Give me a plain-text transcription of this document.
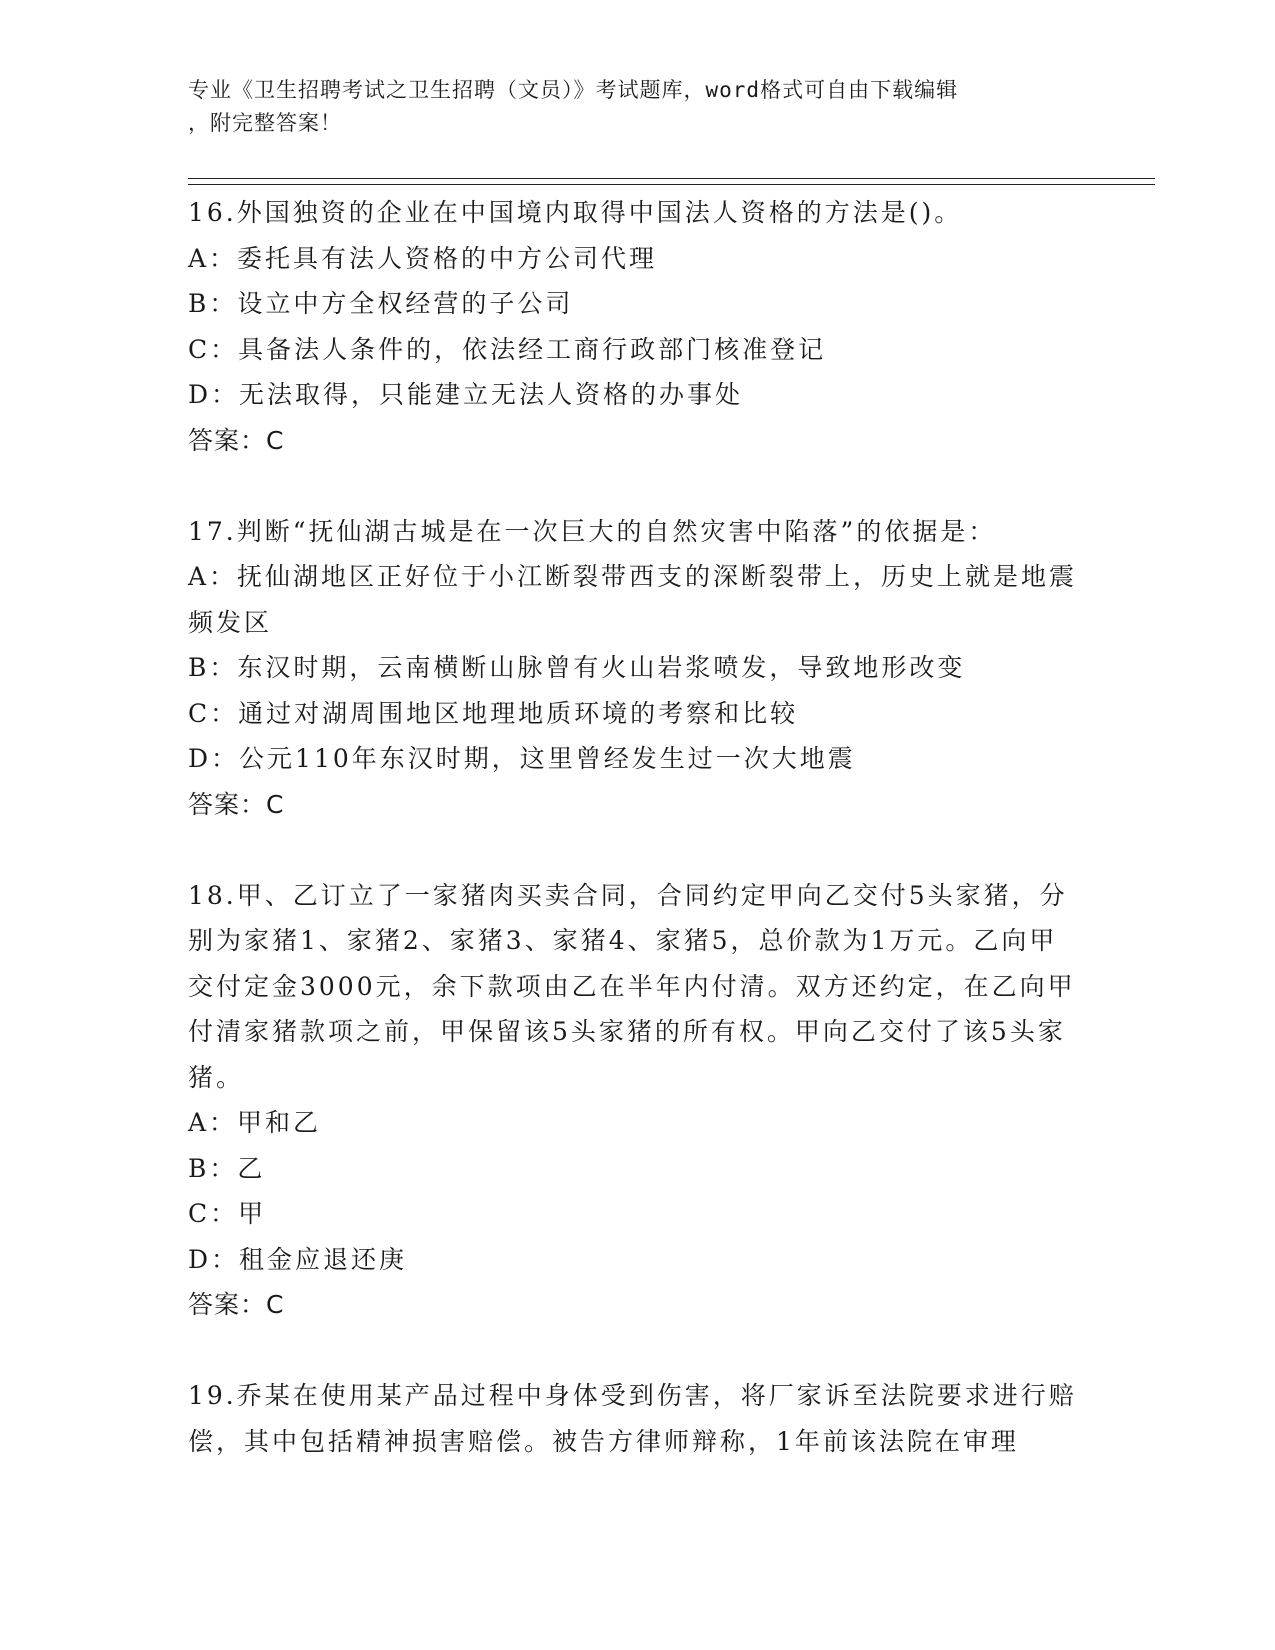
专业《卫生招聘考试之卫生招聘（文员）》考试题库，word格式可自由下载编辑
，附完整答案！
16.外国独资的企业在中国境内取得中国法人资格的方法是()。
A：委托具有法人资格的中方公司代理
B：设立中方全权经营的子公司
C：具备法人条件的，依法经工商行政部门核准登记
D：无法取得，只能建立无法人资格的办事处
答案：C
17.判断“抚仙湖古城是在一次巨大的自然灾害中陷落”的依据是：
A：抚仙湖地区正好位于小江断裂带西支的深断裂带上，历史上就是地震频发区
B：东汉时期，云南横断山脉曾有火山岩浆喷发，导致地形改变
C：通过对湖周围地区地理地质环境的考察和比较
D：公元110年东汉时期，这里曾经发生过一次大地震
答案：C
18.甲、乙订立了一家猪肉买卖合同，合同约定甲向乙交付5头家猪，分别为家猪1、家猪2、家猪3、家猪4、家猪5，总价款为1万元。乙向甲交付定金3000元，余下款项由乙在半年内付清。双方还约定，在乙向甲付清家猪款项之前，甲保留该5头家猪的所有权。甲向乙交付了该5头家猪。
A：甲和乙
B：乙
C：甲
D：租金应退还庚
答案：C
19.乔某在使用某产品过程中身体受到伤害，将厂家诉至法院要求进行赔偿，其中包括精神损害赔偿。被告方律师辩称，1年前该法院在审理
